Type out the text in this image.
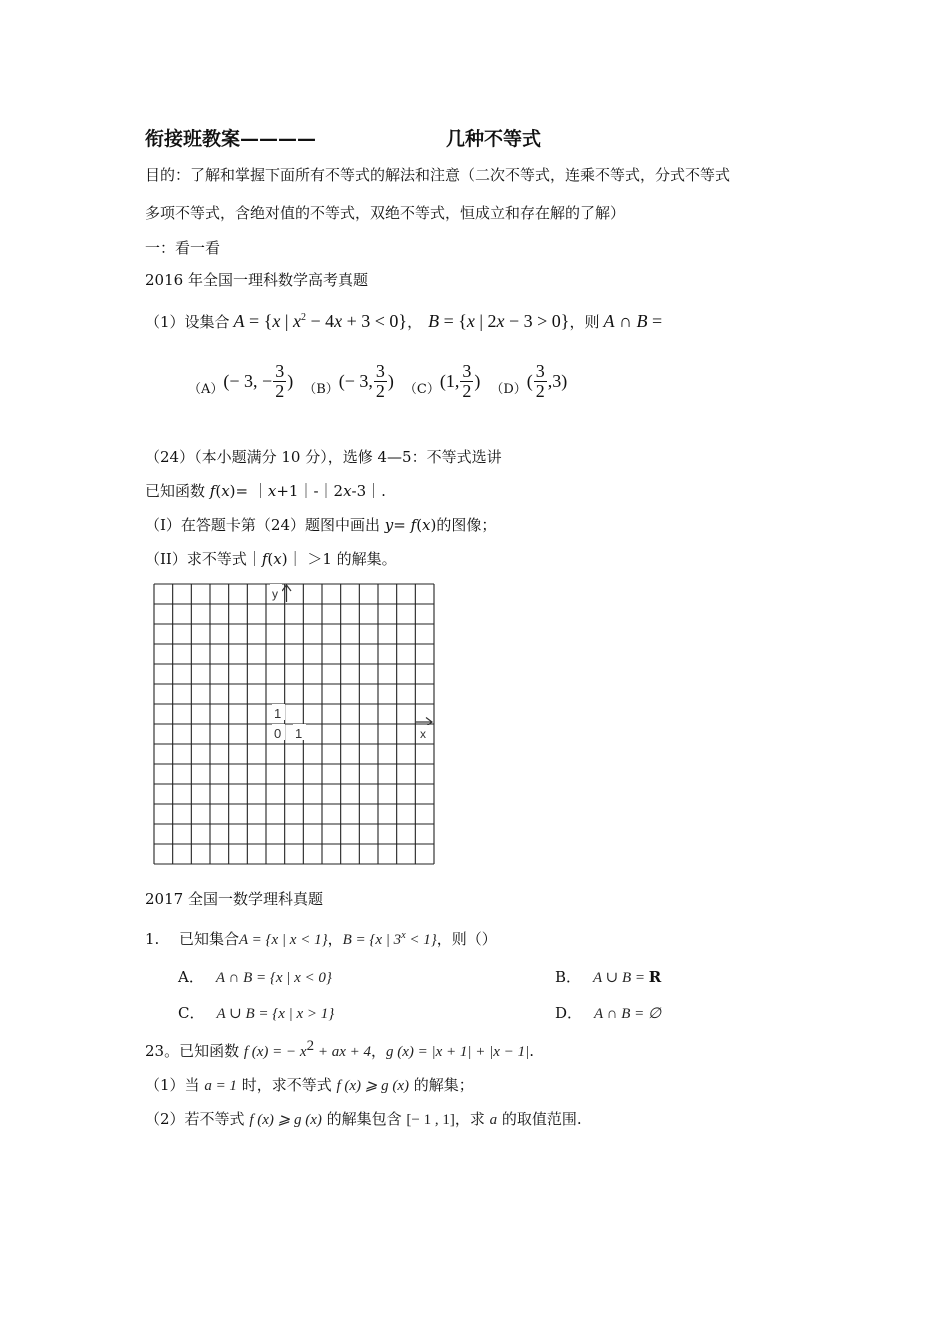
衔接班教案————	几种不等式
目的：了解和掌握下面所有不等式的解法和注意（二次不等式，连乘不等式，分式不等式
多项不等式，含绝对值的不等式，双绝不等式，恒成立和存在解的了解）
一：看一看
2016 年全国一理科数学高考真题
（1）设集合 A = {x | $x^2 - 4x + 3 < 0$} ， B = {x | 2x − 3 > 0} ，则 A ∩ B =
（A） (− 3, − $\frac{3}{2}$ ) （B） (− 3, $\frac{3}{2}$ ) （C） (1, $\frac{3}{2}$ ) （D） ( $\frac{3}{2} ,3$)
（24）（本小题满分 10 分），选修 4—5：不等式选讲
已知函数 f(x)= ｜x+1｜-｜2x-3｜.
（I）在答题卡第（24）题图中画出 y= f(x)的图像；
（II）求不等式｜f(x)｜ ＞1 的解集。
y
x
1
0 1
2017 全国一数学理科真题
1.	已知集合 A = {x | x < 1} ， B = {x | $3^x < 1$} ，则（）
A． A ∩ B = {x | x < 0}	B． A ∪ B = R
C． A ∪ B = {x | x > 1}	D． A ∩ B = ∅
23。已知函数 f (x) = − $x^2$ + ax + 4，g (x) = |x + 1| + |x − 1|.
（1）当 a = 1 时，求不等式 f (x) ⩾ g (x) 的解集；
（2）若不等式 f (x) ⩾ g (x) 的解集包含 [− 1 , 1]，求 a 的取值范围.
